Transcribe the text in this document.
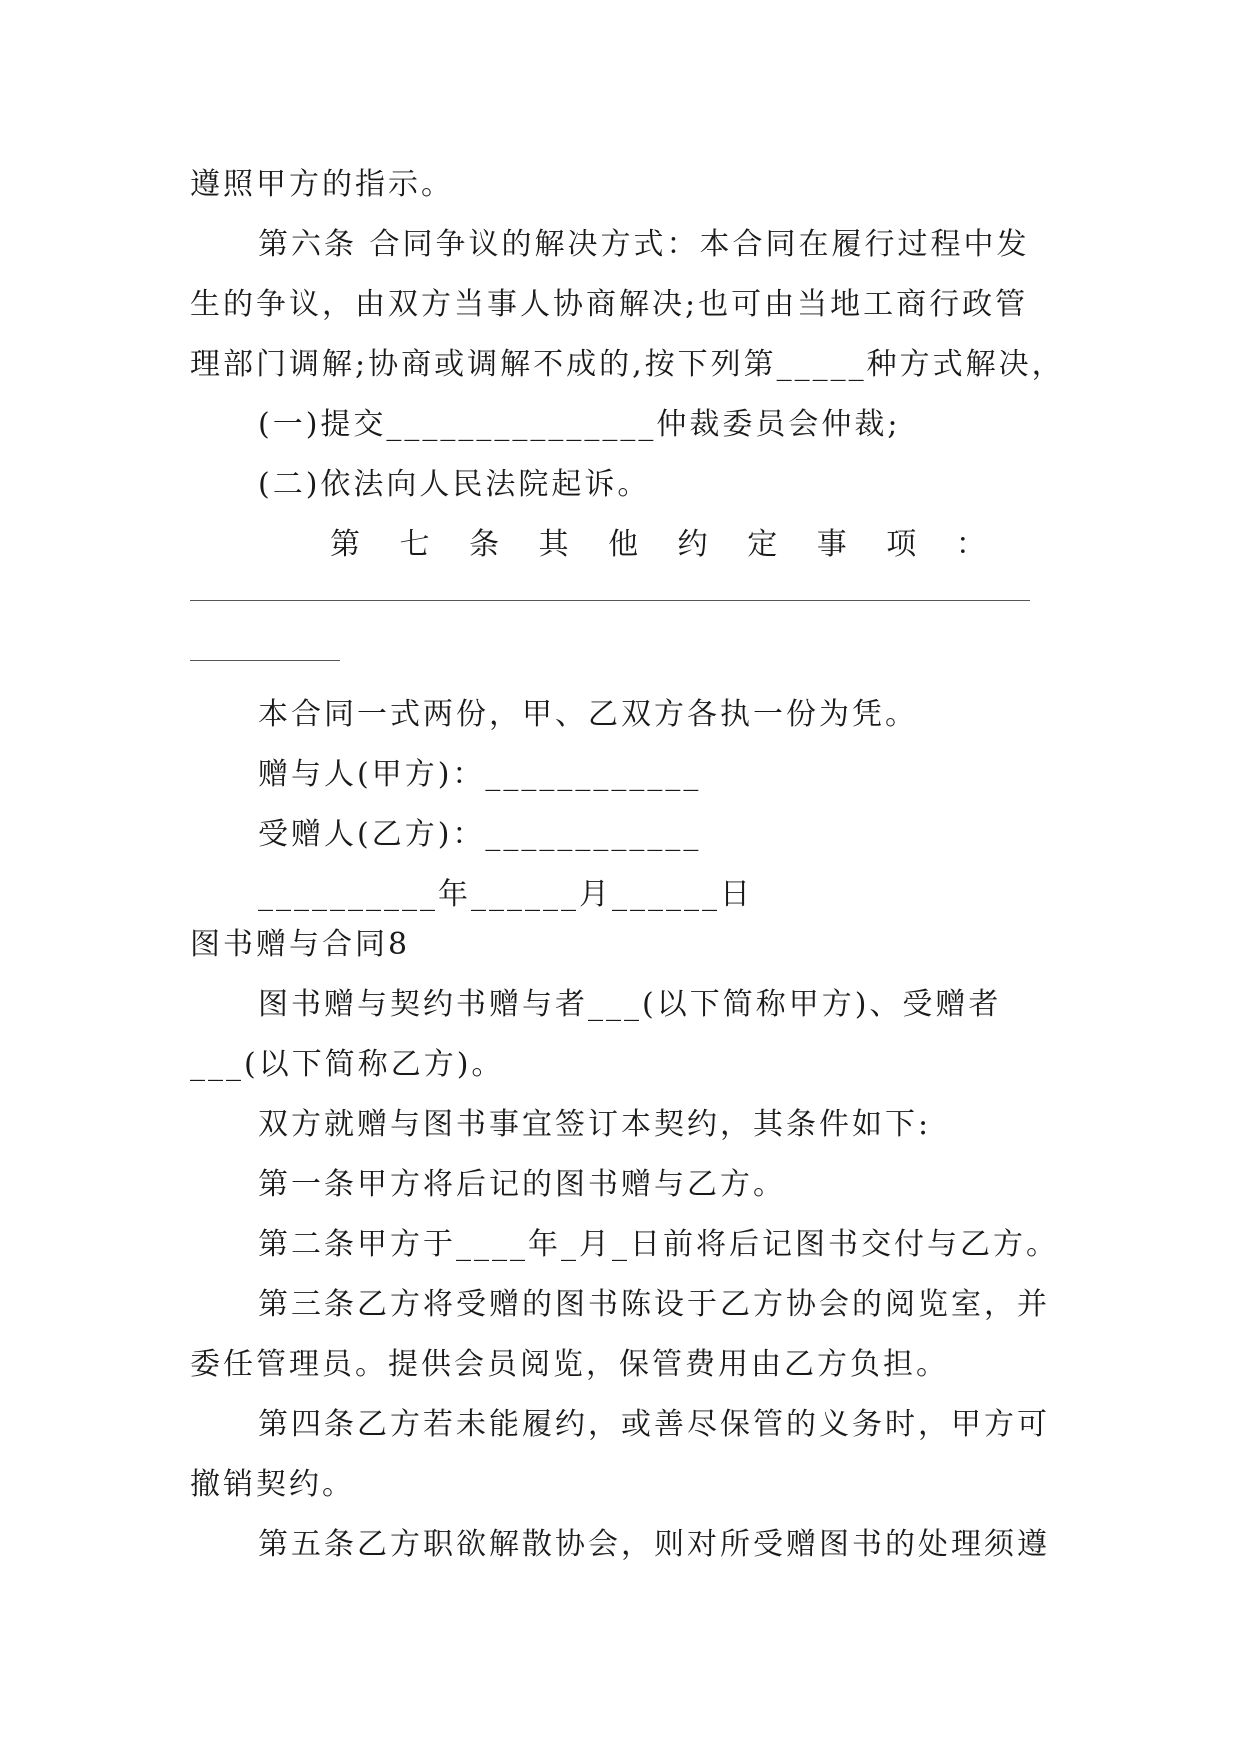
遵照甲方的指示。
第六条 合同争议的解决方式：本合同在履行过程中发
生的争议，由双方当事人协商解决;也可由当地工商行政管
理部门调解;协商或调解不成的,按下列第_____种方式解决，
(一)提交_______________仲裁委员会仲裁;
(二)依法向人民法院起诉。
第 七 条 其 他 约 定 事 项 ：
本合同一式两份，甲、乙双方各执一份为凭。
赠与人(甲方)：____________
受赠人(乙方)：____________
__________年______月______日
图书赠与合同8
图书赠与契约书赠与者___(以下简称甲方)、受赠者
___(以下简称乙方)。
双方就赠与图书事宜签订本契约，其条件如下:
第一条甲方将后记的图书赠与乙方。
第二条甲方于____年_月_日前将后记图书交付与乙方。
第三条乙方将受赠的图书陈设于乙方协会的阅览室，并
委任管理员。提供会员阅览，保管费用由乙方负担。
第四条乙方若未能履约，或善尽保管的义务时，甲方可
撤销契约。
第五条乙方职欲解散协会，则对所受赠图书的处理须遵
